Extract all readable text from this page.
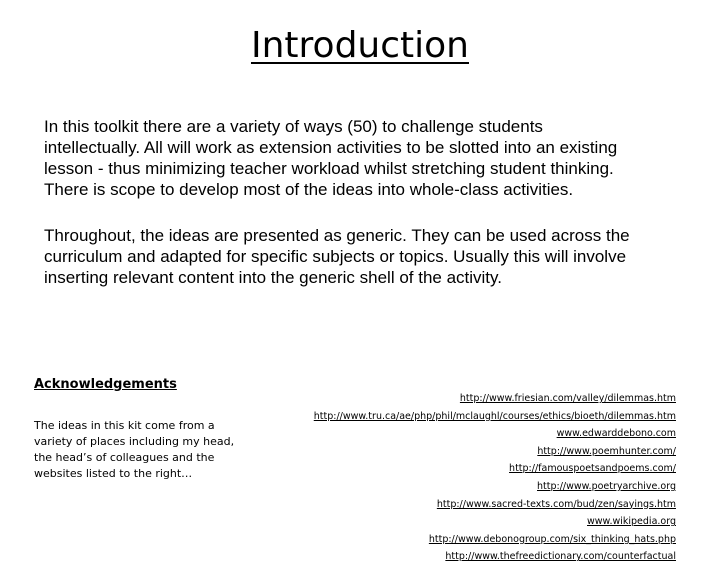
Introduction

In this toolkit there are a variety of ways (50) to challenge students
intellectually. All will work as extension activities to be slotted into an existing
lesson - thus minimizing teacher workload whilst stretching student thinking.
There is scope to develop most of the ideas into whole-class activities.

Throughout, the ideas are presented as generic. They can be used across the
curriculum and adapted for specific subjects or topics. Usually this will involve
inserting relevant content into the generic shell of the activity.

Acknowledgements

The ideas in this kit come from a
variety of places including my head,
the head’s of colleagues and the
websites listed to the right…

http://www.friesian.com/valley/dilemmas.htm
http://www.tru.ca/ae/php/phil/mclaughl/courses/ethics/bioeth/dilemmas.htm
www.edwarddebono.com
http://www.poemhunter.com/
http://famouspoetsandpoems.com/
http://www.poetryarchive.org
http://www.sacred-texts.com/bud/zen/sayings.htm
www.wikipedia.org
http://www.debonogroup.com/six_thinking_hats.php
http://www.thefreedictionary.com/counterfactual
